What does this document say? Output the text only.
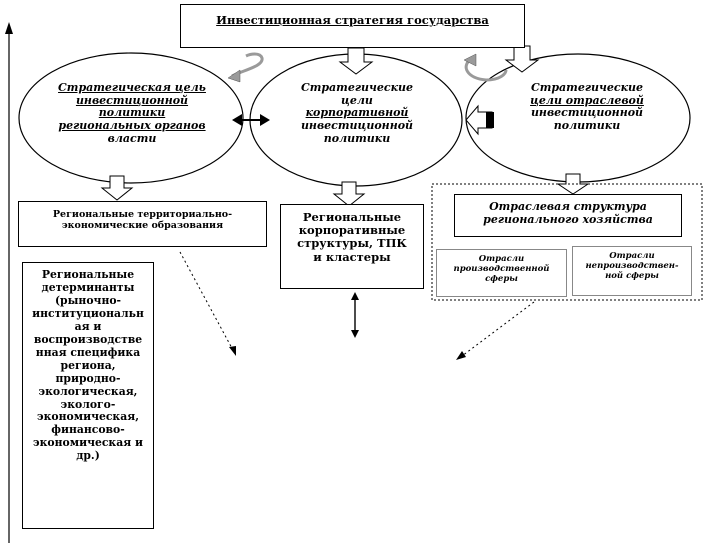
Инвестиционная стратегия государства
Стратегическая цель
инвестиционной
политики
региональных органов
власти
Стратегические
цели
корпоративной
инвестиционной
политики
Стратегические
цели отраслевой
инвестиционной
политики
Региональные территориально-
экономические образования
Региональные
корпоративные
структуры, ТПК
и кластеры
Отраслевая структура
регионального хозяйства
Отрасли
производственной
сферы
Отрасли
непроизводствен-
ной сферы
Региональные
детерминанты
(рыночно-
институциональн
ая и
воспроизводстве
нная специфика
региона,
природно-
экологическая,
эколого-
экономическая,
финансово-
экономическая и
др.)
